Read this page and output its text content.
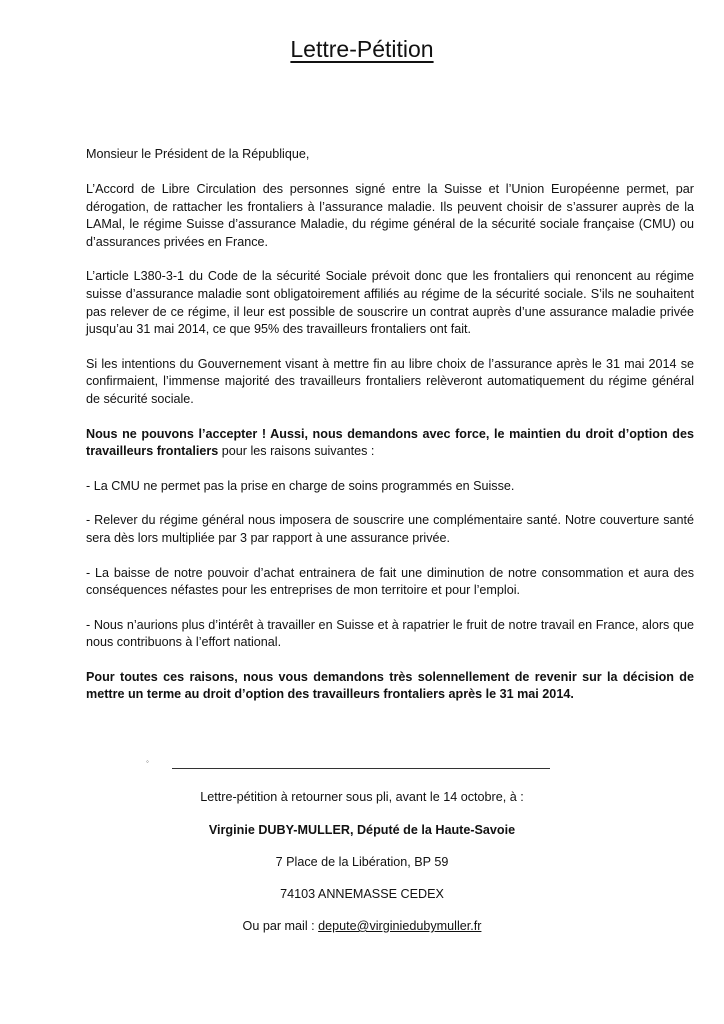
Lettre-Pétition
Monsieur le Président de la République,

L’Accord de Libre Circulation des personnes signé entre la Suisse et l’Union Européenne permet, par dérogation, de rattacher les frontaliers à l’assurance maladie. Ils peuvent choisir de s’assurer auprès de la LAMal, le régime Suisse d’assurance Maladie, du régime général de la sécurité sociale française (CMU) ou d’assurances privées en France.

L’article L380-3-1 du Code de la sécurité Sociale prévoit donc que les frontaliers qui renoncent au régime suisse d’assurance maladie sont obligatoirement affiliés au régime de la sécurité sociale. S’ils ne souhaitent pas relever de ce régime, il leur est possible de souscrire un contrat auprès d’une assurance maladie privée jusqu’au 31 mai 2014, ce que 95% des travailleurs frontaliers ont fait.

Si les intentions du Gouvernement visant à mettre fin au libre choix de l’assurance après le 31 mai 2014 se confirmaient, l’immense majorité des travailleurs frontaliers relèveront automatiquement du régime général de sécurité sociale.

Nous ne pouvons l’accepter ! Aussi, nous demandons avec force, le maintien du droit d’option des travailleurs frontaliers pour les raisons suivantes :

- La CMU ne permet pas la prise en charge de soins programmés en Suisse.

- Relever du régime général nous imposera de souscrire une complémentaire santé. Notre couverture santé sera dès lors multipliée par 3 par rapport à une assurance privée.

- La baisse de notre pouvoir d’achat entrainera de fait une diminution de notre consommation et aura des conséquences néfastes pour les entreprises de mon territoire et pour l’emploi.

- Nous n’aurions plus d’intérêt à travailler en Suisse et à rapatrier le fruit de notre travail en France, alors que nous contribuons à l’effort national.

Pour toutes ces raisons, nous vous demandons très solennellement de revenir sur la décision de mettre un terme au droit d’option des travailleurs frontaliers après le 31 mai 2014.

◦
Lettre-pétition à retourner sous pli, avant le 14 octobre, à :
Virginie DUBY-MULLER, Député de la Haute-Savoie
7 Place de la Libération, BP 59
74103 ANNEMASSE CEDEX
Ou par mail : depute@virginiedubymuller.fr
